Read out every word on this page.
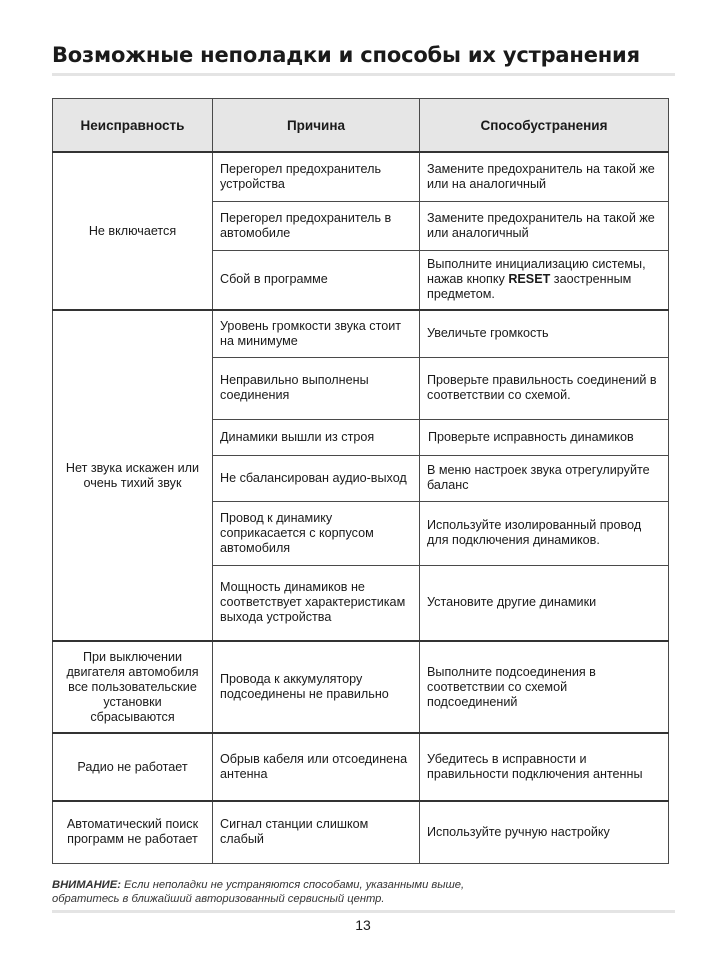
Возможные неполадки и способы их устранения
Неисправность	Причина	Способустранения
Не включается	Перегорел предохранитель устройства	Замените предохранитель на такой же или на аналогичный
	Перегорел предохранитель в автомобиле	Замените предохранитель на такой же или аналогичный
	Сбой в программе	Выполните инициализацию системы, нажав кнопку RESET заостренным предметом.
Нет звука искажен или очень тихий звук	Уровень громкости звука стоит на минимуме	Увеличьте громкость
	Неправильно выполнены соединения	Проверьте правильность соединений в соответствии со схемой.
	Динамики вышли из строя	Проверьте исправность динамиков
	Не сбалансирован аудио-выход	В меню настроек звука отрегулируйте баланс
	Провод к динамику соприкасается с корпусом автомобиля	Используйте изолированный провод для подключения динамиков.
	Мощность динамиков не соответствует характеристикам выхода устройства	Установите другие динамики
При выключении двигателя автомобиля все пользовательские установки сбрасываются	Провода к аккумулятору подсоединены не правильно	Выполните подсоединения в соответствии со схемой подсоединений
Радио не работает	Обрыв кабеля или отсоединена антенна	Убедитесь в исправности и правильности подключения антенны
Автоматический поиск программ не работает	Сигнал станции слишком слабый	Используйте ручную настройку
ВНИМАНИЕ: Если неполадки не устраняются способами, указанными выше,
обратитесь в ближайший авторизованный сервисный центр.
13
